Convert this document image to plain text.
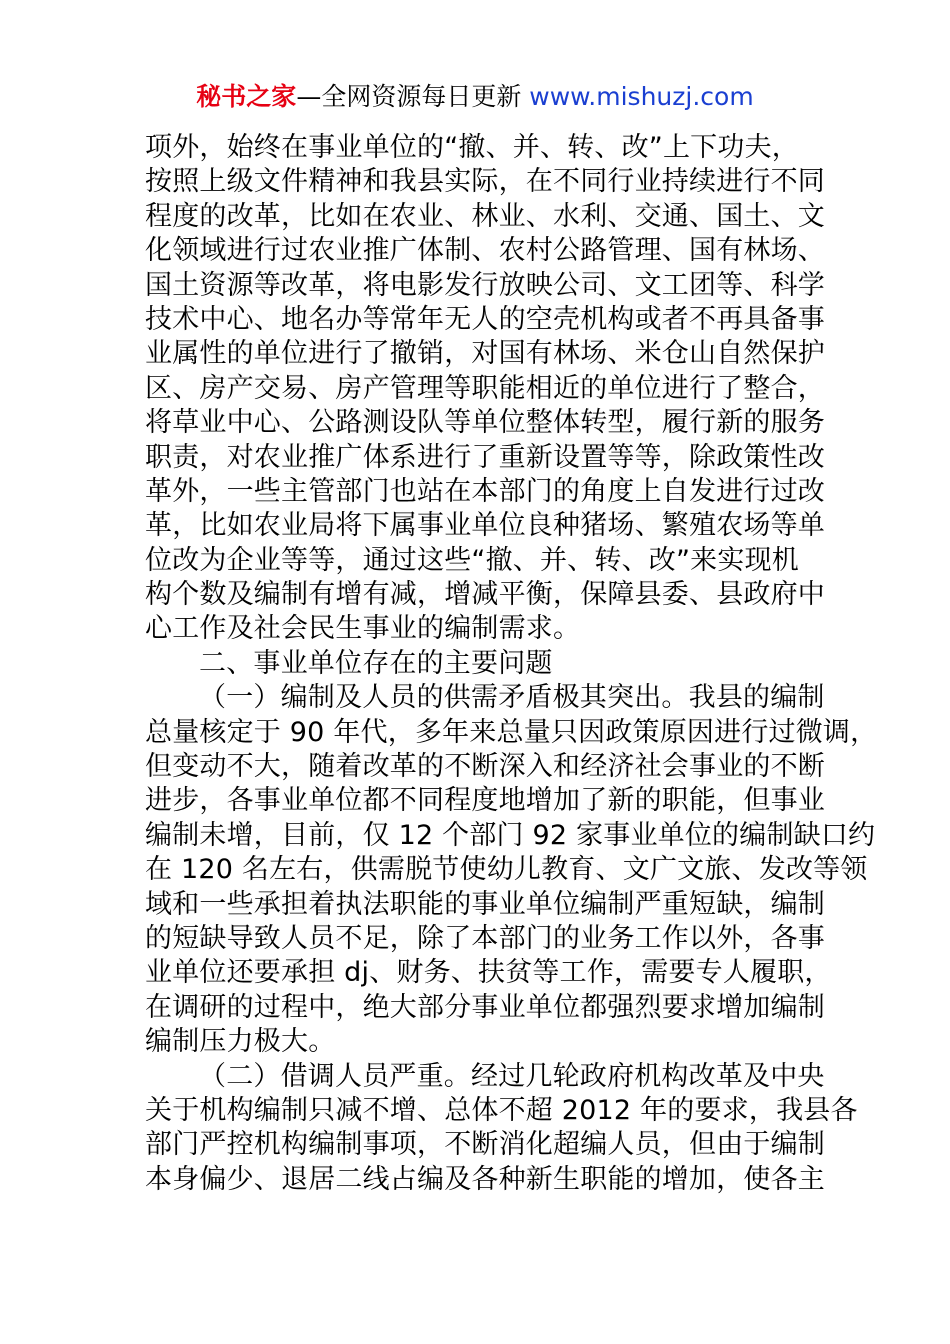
秘书之家—全网资源每日更新 www.mishuzj.com
项外，始终在事业单位的“撤、并、转、改”上下功夫，
按照上级文件精神和我县实际，在不同行业持续进行不同
程度的改革，比如在农业、林业、水利、交通、国土、文
化领域进行过农业推广体制、农村公路管理、国有林场、
国土资源等改革，将电影发行放映公司、文工团等、科学
技术中心、地名办等常年无人的空壳机构或者不再具备事
业属性的单位进行了撤销，对国有林场、米仓山自然保护
区、房产交易、房产管理等职能相近的单位进行了整合，
将草业中心、公路测设队等单位整体转型，履行新的服务
职责，对农业推广体系进行了重新设置等等，除政策性改
革外，一些主管部门也站在本部门的角度上自发进行过改
革，比如农业局将下属事业单位良种猪场、繁殖农场等单
位改为企业等等，通过这些“撤、并、转、改”来实现机
构个数及编制有增有减，增减平衡，保障县委、县政府中
心工作及社会民生事业的编制需求。
二、事业单位存在的主要问题
（一）编制及人员的供需矛盾极其突出。我县的编制
总量核定于 90 年代，多年来总量只因政策原因进行过微调，
但变动不大，随着改革的不断深入和经济社会事业的不断
进步，各事业单位都不同程度地增加了新的职能，但事业
编制未增，目前，仅 12 个部门 92 家事业单位的编制缺口约
在 120 名左右，供需脱节使幼儿教育、文广文旅、发改等领
域和一些承担着执法职能的事业单位编制严重短缺，编制
的短缺导致人员不足，除了本部门的业务工作以外，各事
业单位还要承担 dj、财务、扶贫等工作，需要专人履职，
在调研的过程中，绝大部分事业单位都强烈要求增加编制
编制压力极大。
（二）借调人员严重。经过几轮政府机构改革及中央
关于机构编制只减不增、总体不超 2012 年的要求，我县各
部门严控机构编制事项，不断消化超编人员，但由于编制
本身偏少、退居二线占编及各种新生职能的增加，使各主
